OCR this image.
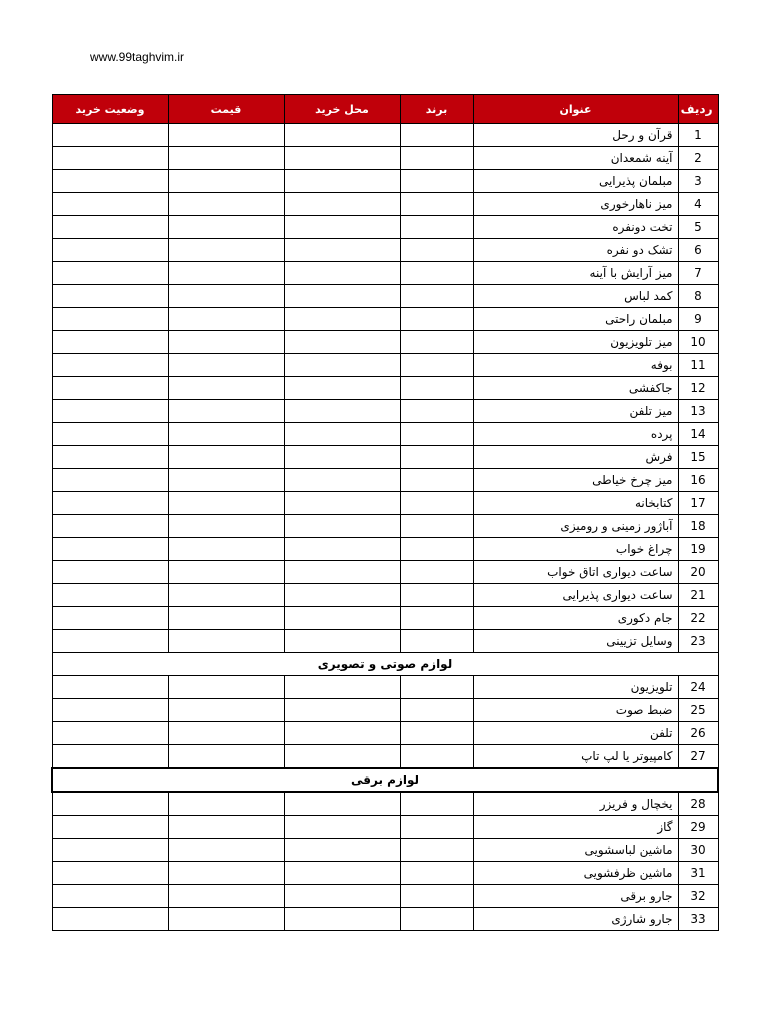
www.99taghvim.ir
ردیف	عنوان	برند	محل خرید	قیمت	وضعیت خرید
1	قرآن و رحل				
2	آینه شمعدان				
3	مبلمان پذیرایی				
4	میز ناهارخوری				
5	تخت دونفره				
6	تشک دو نفره				
7	میز آرایش با آینه				
8	کمد لباس				
9	مبلمان راحتی				
10	میز تلویزیون				
11	بوفه				
12	جاکفشی				
13	میز تلفن				
14	پرده				
15	فرش				
16	میز چرخ خیاطی				
17	کتابخانه				
18	آباژور زمینی و رومیزی				
19	چراغ خواب				
20	ساعت دیواری اتاق خواب				
21	ساعت دیواری پذیرایی				
22	جام دکوری				
23	وسایل تزیینی				
لوازم صوتی و تصویری					
24	تلویزیون				
25	ضبط صوت				
26	تلفن				
27	کامپیوتر یا لپ تاپ				
لوازم برقی					
28	یخچال و فریزر				
29	گاز				
30	ماشین لباسشویی				
31	ماشین ظرفشویی				
32	جارو برقی				
33	جارو شارژی				
